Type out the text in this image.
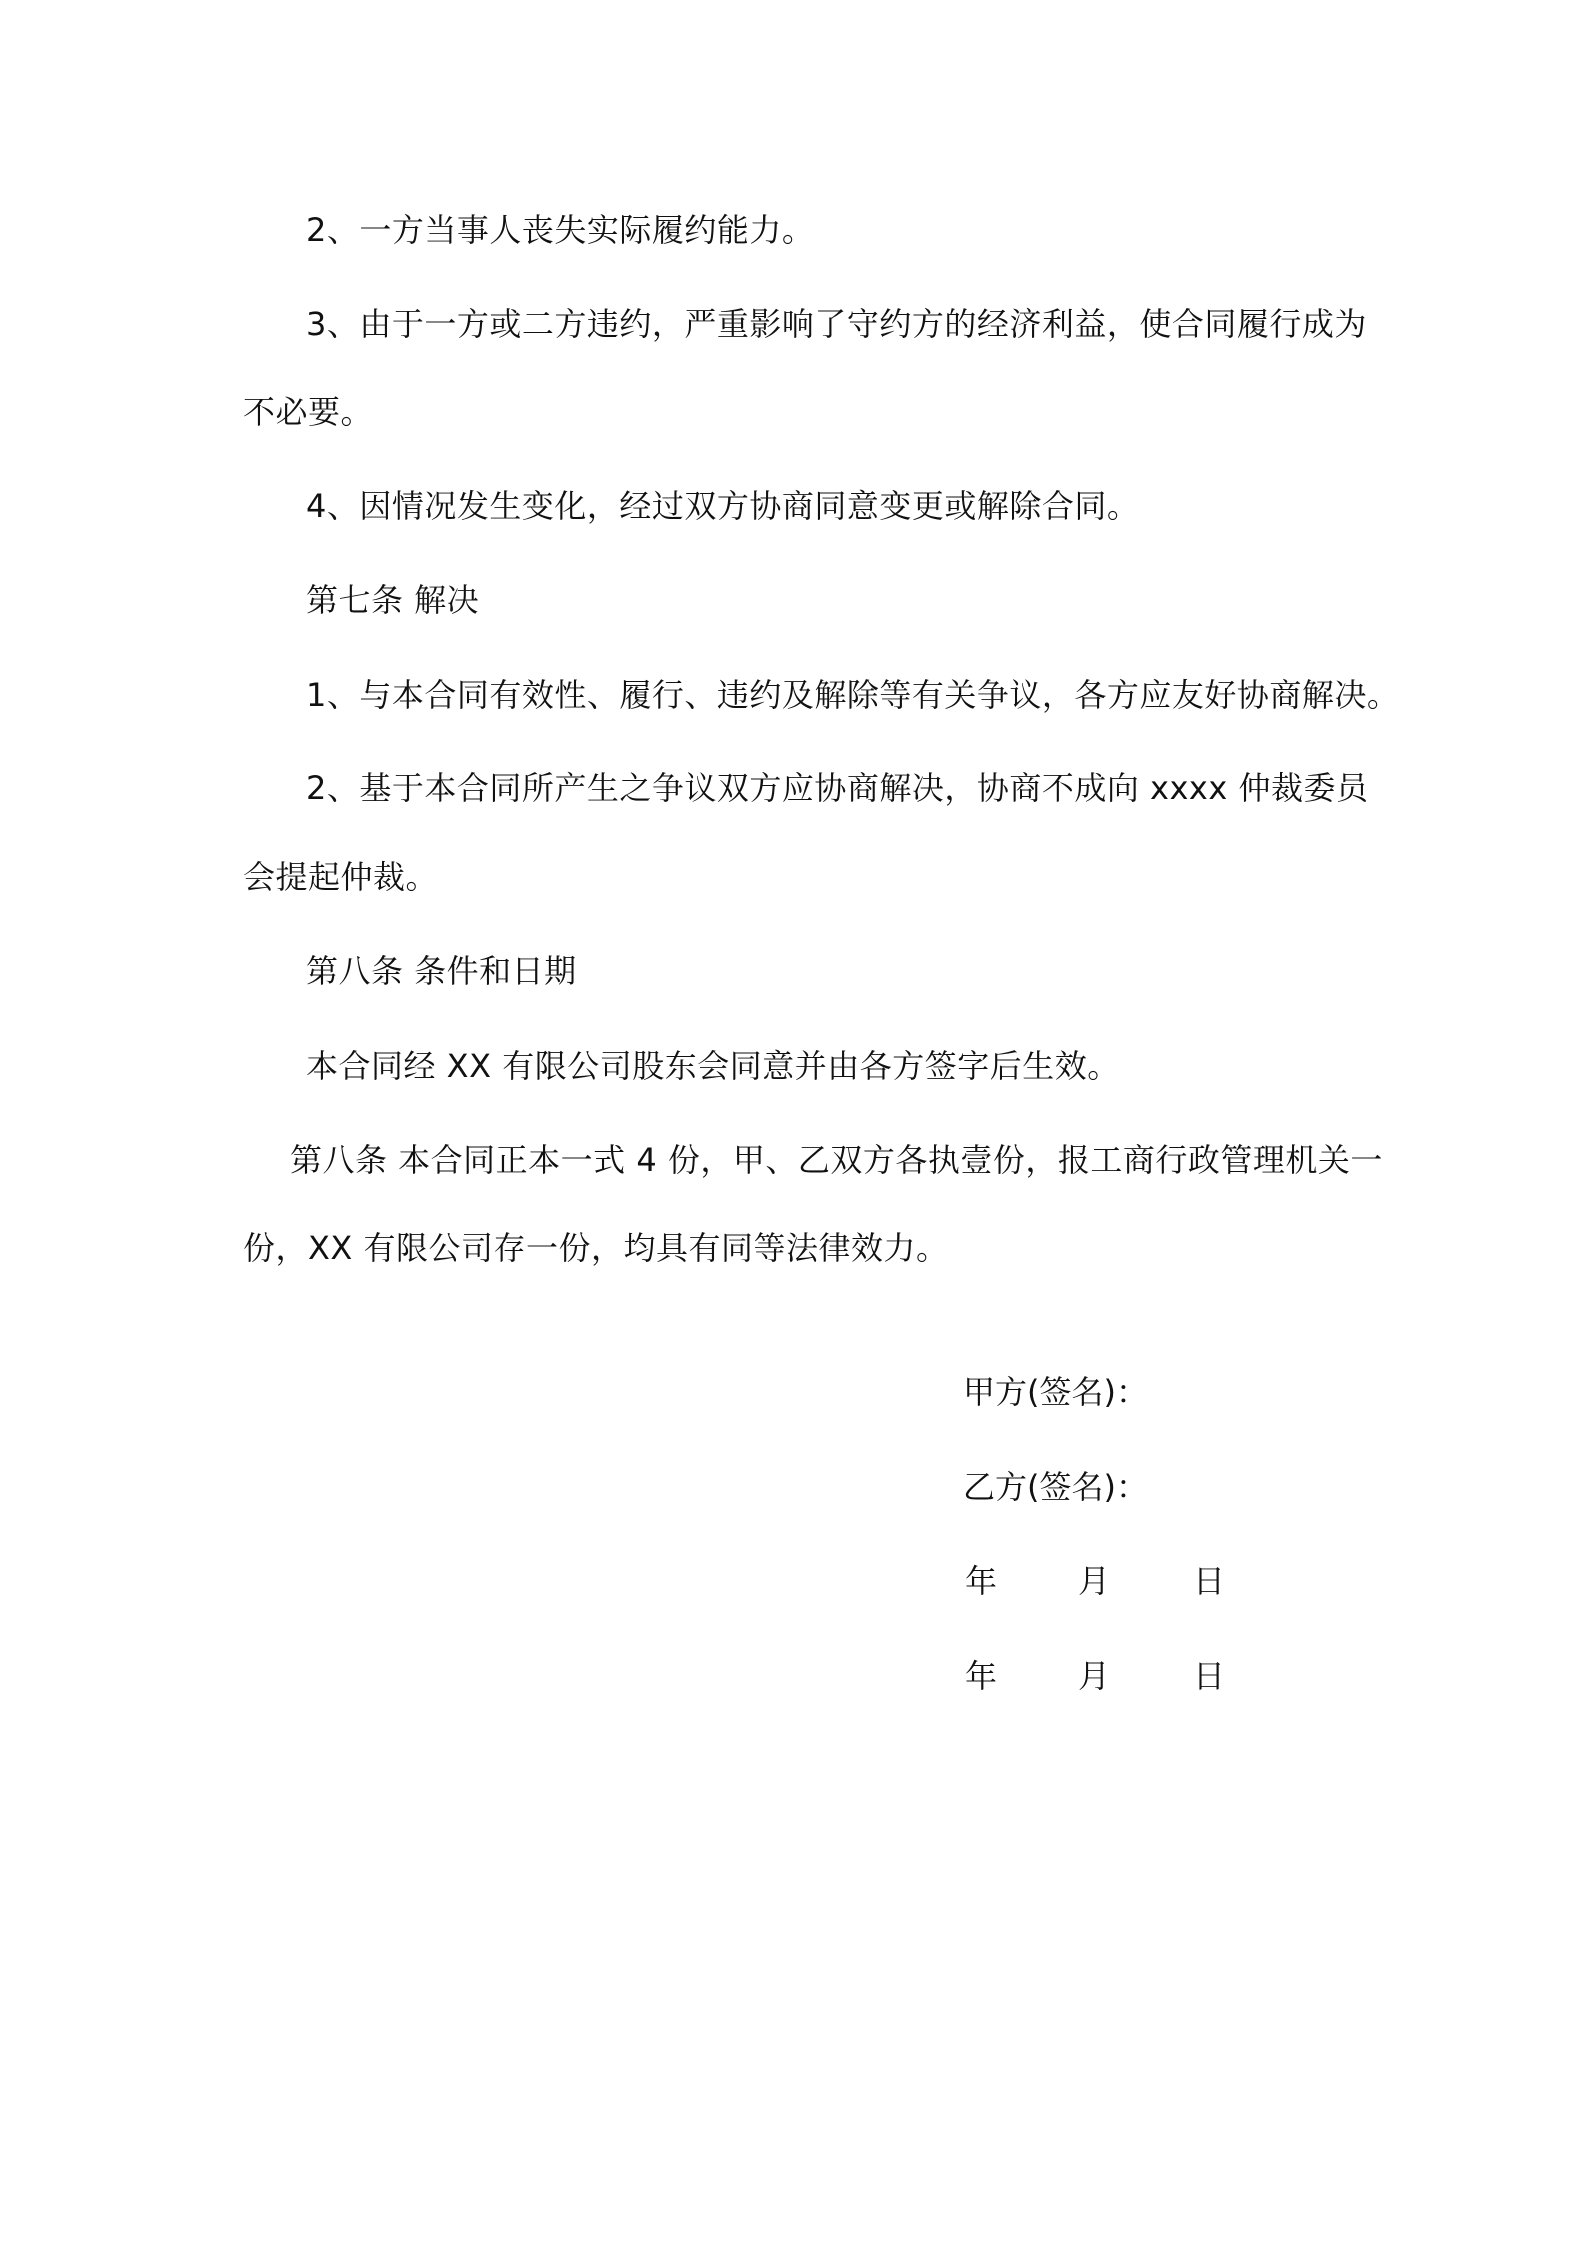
2、一方当事人丧失实际履约能力。
3、由于一方或二方违约，严重影响了守约方的经济利益，使合同履行成为
不必要。
4、因情况发生变化，经过双方协商同意变更或解除合同。
第七条 解决
1、与本合同有效性、履行、违约及解除等有关争议，各方应友好协商解决。
2、基于本合同所产生之争议双方应协商解决，协商不成向 xxxx 仲裁委员
会提起仲裁。
第八条 条件和日期
本合同经 XX 有限公司股东会同意并由各方签字后生效。
第八条 本合同正本一式 4 份，甲、乙双方各执壹份，报工商行政管理机关一
份，XX 有限公司存一份，均具有同等法律效力。
甲方(签名)：
乙方(签名)：
年	月	日
年	月	日
